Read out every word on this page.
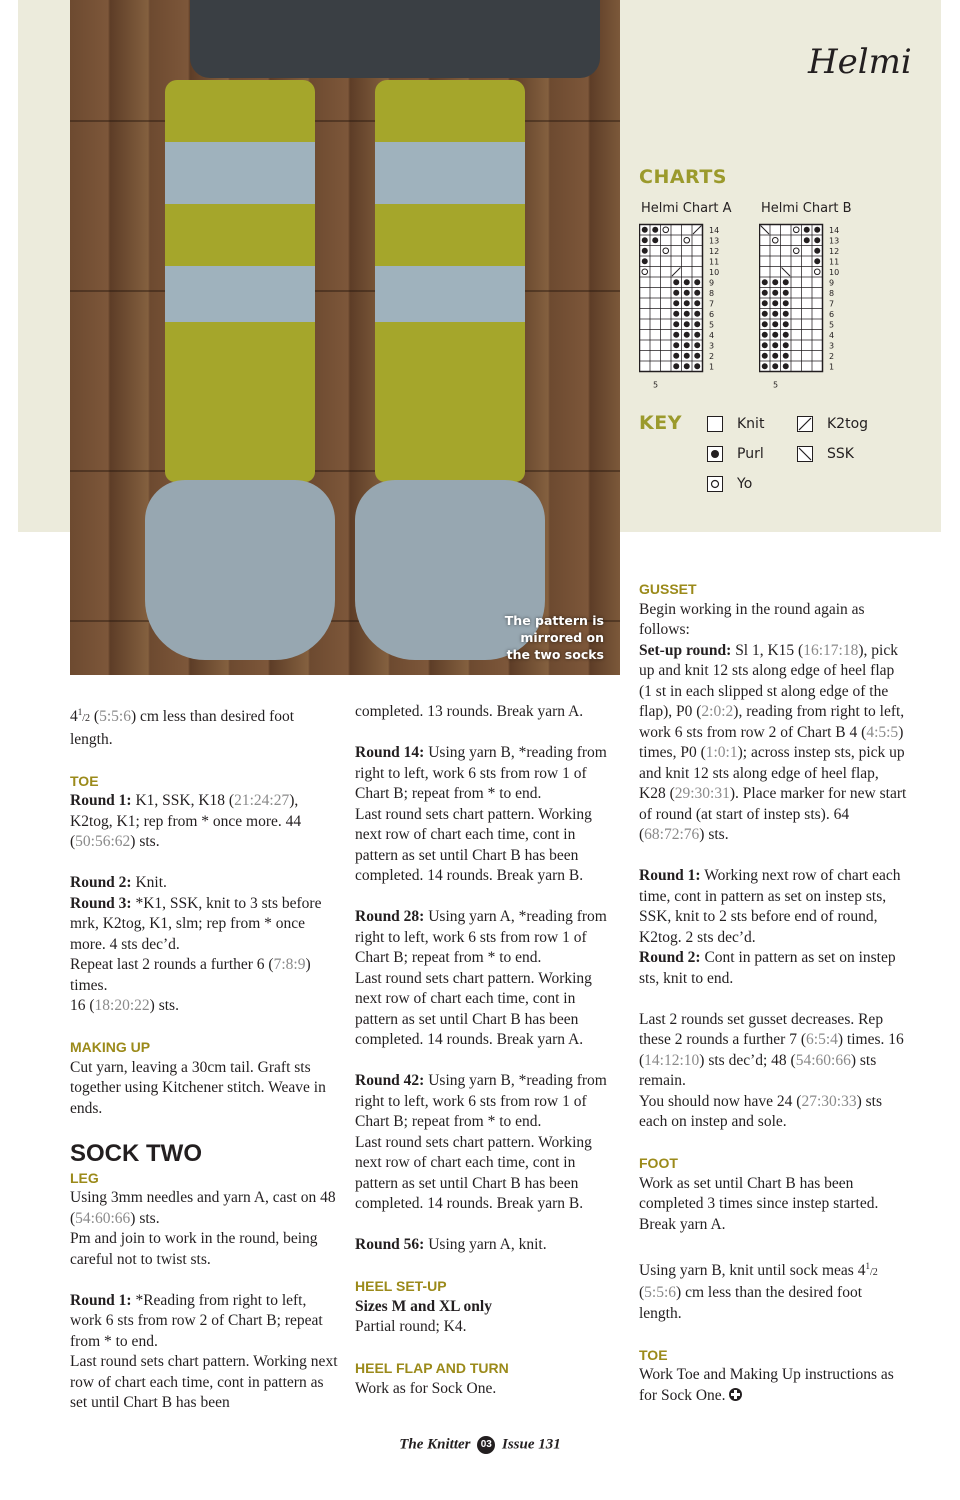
The pattern is
mirrored on
the two socks
Helmi
CHARTS
Helmi Chart A Helmi Chart B
14
13
12
11
10
9
8
7
6
5
4
3
2
1
5
14
13
12
11
10
9
8
7
6
5
4
3
2
1
5
KEY	Knit
Purl
Yo
K2tog
SSK

$4^1/2$ (5:5:6) cm less than desired foot length.

TOE

Round 1: K1, SSK, K18 (21:24:27), K2tog, K1; rep from * once more. 44 (50:56:62) sts.

Round 2: Knit.
Round 3: *K1, SSK, knit to 3 sts before mrk, K2tog, K1, slm; rep from * once more. 4 sts dec’d.
Repeat last 2 rounds a further 6 (7:8:9) times.

16 (18:20:22) sts.

MAKING UP

Cut yarn, leaving a 30cm tail. Graft sts together using Kitchener stitch. Weave in ends.

SOCK TWO
LEG
Using 3mm needles and yarn A, cast on 48 (54:60:66) sts.

Pm and join to work in the round, being careful not to twist sts.

Round 1: *Reading from right to left, work 6 sts from row 2 of Chart B; repeat from * to end.
Last round sets chart pattern. Working next row of chart each time, cont in pattern as set until Chart B has been

completed. 13 rounds. Break yarn A.

Round 14: Using yarn B, *reading from right to left, work 6 sts from row 1 of Chart B; repeat from * to end.

Last round sets chart pattern. Working next row of chart each time, cont in pattern as set until Chart B has been completed. 14 rounds. Break yarn B.

Round 28: Using yarn A, *reading from right to left, work 6 sts from row 1 of Chart B; repeat from * to end.

Last round sets chart pattern. Working next row of chart each time, cont in pattern as set until Chart B has been completed. 14 rounds. Break yarn A.

Round 42: Using yarn B, *reading from right to left, work 6 sts from row 1 of Chart B; repeat from * to end.

Last round sets chart pattern. Working next row of chart each time, cont in pattern as set until Chart B has been completed. 14 rounds. Break yarn B.

Round 56: Using yarn A, knit.

HEEL SET-UP
Sizes M and XL only

Partial round; K4.

HEEL FLAP AND TURN
Work as for Sock One.
GUSSET
Begin working in the round again as follows:

Set-up round: Sl 1, K15 (16:17:18), pick up and knit 12 sts along edge of heel flap (1 st in each slipped st along edge of the flap), P0 (2:0:2), reading from right to left, work 6 sts from row 2 of Chart B 4 (4:5:5) times, P0 (1:0:1); across instep sts, pick up and knit 12 sts along edge of heel flap, K28 (29:30:31). Place marker for new start of round (at start of instep sts). 64 (68:72:76) sts.

Round 1: Working next row of chart each time, cont in pattern as set on instep sts, SSK, knit to 2 sts before end of round, K2tog. 2 sts dec’d.

Round 2: Cont in pattern as set on instep sts, knit to end.

Last 2 rounds set gusset decreases. Rep these 2 rounds a further 7 (6:5:4) times. 16 (14:12:10) sts dec’d; 48 (54:60:66) sts remain.

You should now have 24 (27:30:33) sts each on instep and sole.

FOOT

Work as set until Chart B has been completed 3 times since instep started. Break yarn A.

Using yarn B, knit until sock meas $4^1/2$ (5:5:6) cm less than the desired foot length.

TOE
Work Toe and Making Up instructions as for Sock One.
The Knitter 03 Issue 131
